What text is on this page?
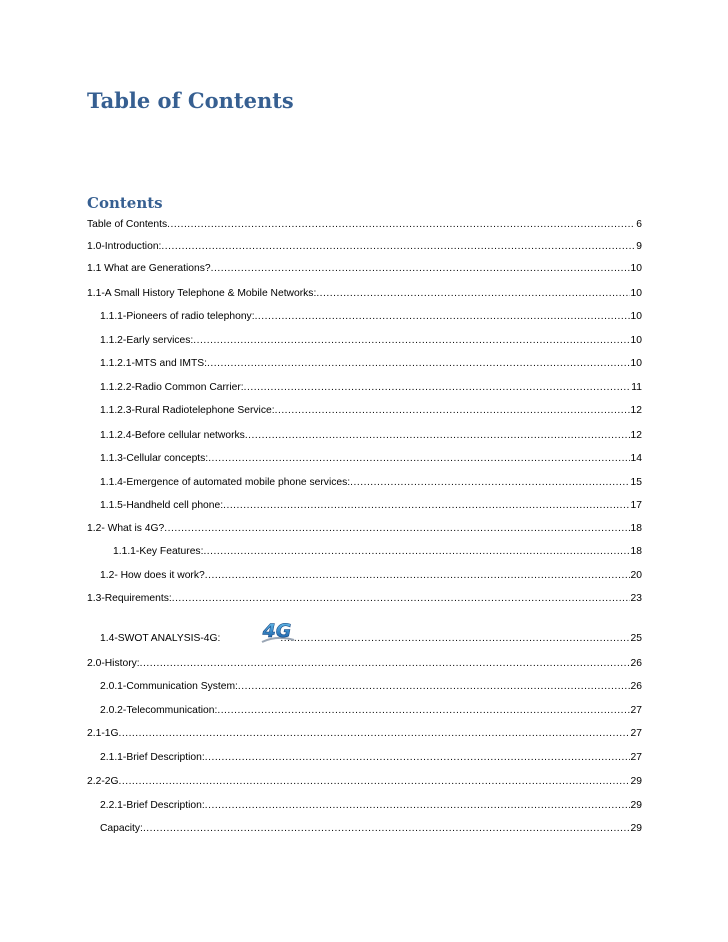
Table of Contents
Contents
Table of Contents .....	6
1.0-Introduction: .....	9
1.1 What are Generations? .....	10
1.1-A Small History Telephone & Mobile Networks: .....	10
1.1.1-Pioneers of radio telephony: .....	10
1.1.2-Early services: .....	10
1.1.2.1-MTS and IMTS: .....	10
1.1.2.2-Radio Common Carrier: .....	11
1.1.2.3-Rural Radiotelephone Service: .....	12
1.1.2.4-Before cellular networks .....	12
1.1.3-Cellular concepts: .....	14
1.1.4-Emergence of automated mobile phone services: .....	15
1.1.5-Handheld cell phone: .....	17
1.2- What is 4G? .....	18
1.1.1-Key Features: .....	18
1.2- How does it work? .....	20
1.3-Requirements: .....	23
1.4-SWOT ANALYSIS-4G: 4G .....	25
2.0-History: .....	26
2.0.1-Communication System: .....	26
2.0.2-Telecommunication: .....	27
2.1-1G .....	27
2.1.1-Brief Description: .....	27
2.2-2G .....	29
2.2.1-Brief Description: .....	29
Capacity: .....	29
